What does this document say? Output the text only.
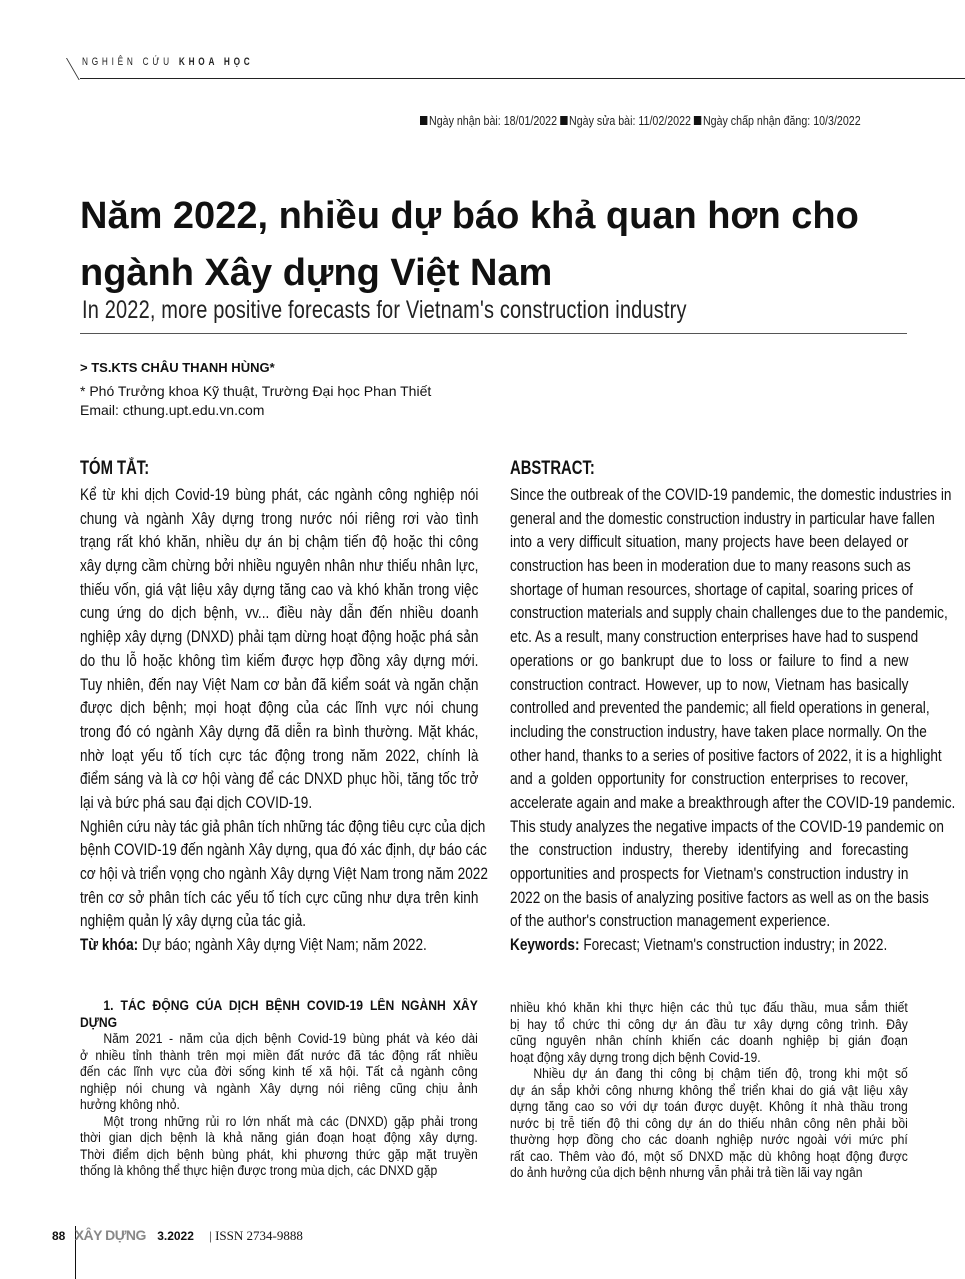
NGHIÊN CỨU KHOA HỌC
Ngày nhận bài: 18/01/2022 Ngày sửa bài: 11/02/2022 Ngày chấp nhận đăng: 10/3/2022
Năm 2022, nhiều dự báo khả quan hơn cho
ngành Xây dựng Việt Nam
In 2022, more positive forecasts for Vietnam's construction industry
> TS.KTS CHÂU THANH HÙNG*
* Phó Trưởng khoa Kỹ thuật, Trường Đại học Phan Thiết
Email: cthung.upt.edu.vn.com
TÓM TẮT:
Kể từ khi dịch Covid-19 bùng phát, các ngành công nghiệp nói
chung và ngành Xây dựng trong nước nói riêng rơi vào tình
trạng rất khó khăn, nhiều dự án bị chậm tiến độ hoặc thi công
xây dựng cầm chừng bởi nhiều nguyên nhân như thiếu nhân lực,
thiếu vốn, giá vật liệu xây dựng tăng cao và khó khăn trong việc
cung ứng do dịch bệnh, vv... điều này dẫn đến nhiều doanh
nghiệp xây dựng (DNXD) phải tạm dừng hoạt động hoặc phá sản
do thu lỗ hoặc không tìm kiếm được hợp đồng xây dựng mới.
Tuy nhiên, đến nay Việt Nam cơ bản đã kiểm soát và ngăn chặn
được dịch bệnh; mọi hoạt động của các lĩnh vực nói chung
trong đó có ngành Xây dựng đã diễn ra bình thường. Mặt khác,
nhờ loạt yếu tố tích cực tác động trong năm 2022, chính là
điểm sáng và là cơ hội vàng để các DNXD phục hồi, tăng tốc trở
lại và bức phá sau đại dịch COVID-19.
Nghiên cứu này tác giả phân tích những tác động tiêu cực của dịch
bệnh COVID-19 đến ngành Xây dựng, qua đó xác định, dự báo các
cơ hội và triển vọng cho ngành Xây dựng Việt Nam trong năm 2022
trên cơ sở phân tích các yếu tố tích cực cũng như dựa trên kinh
nghiệm quản lý xây dựng của tác giả.
Từ khóa: Dự báo; ngành Xây dựng Việt Nam; năm 2022.
ABSTRACT:
Since the outbreak of the COVID-19 pandemic, the domestic industries in
general and the domestic construction industry in particular have fallen
into a very difficult situation, many projects have been delayed or
construction has been in moderation due to many reasons such as
shortage of human resources, shortage of capital, soaring prices of
construction materials and supply chain challenges due to the pandemic,
etc. As a result, many construction enterprises have had to suspend
operations or go bankrupt due to loss or failure to find a new
construction contract. However, up to now, Vietnam has basically
controlled and prevented the pandemic; all field operations in general,
including the construction industry, have taken place normally. On the
other hand, thanks to a series of positive factors of 2022, it is a highlight
and a golden opportunity for construction enterprises to recover,
accelerate again and make a breakthrough after the COVID-19 pandemic.
This study analyzes the negative impacts of the COVID-19 pandemic on
the construction industry, thereby identifying and forecasting
opportunities and prospects for Vietnam's construction industry in
2022 on the basis of analyzing positive factors as well as on the basis
of the author's construction management experience.
Keywords: Forecast; Vietnam's construction industry; in 2022.
1. TÁC ĐỘNG CỦA DỊCH BỆNH COVID-19 LÊN NGÀNH XÂY
DỰNG
Năm 2021 - năm của dịch bệnh Covid-19 bùng phát và kéo dài
ở nhiều tỉnh thành trên mọi miền đất nước đã tác động rất nhiều
đến các lĩnh vực của đời sống kinh tế xã hội. Tất cả ngành công
nghiệp nói chung và ngành Xây dựng nói riêng cũng chịu ảnh
hưởng không nhỏ.
Một trong những rủi ro lớn nhất mà các (DNXD) gặp phải trong
thời gian dịch bệnh là khả năng gián đoạn hoạt động xây dựng.
Thời điểm dịch bệnh bùng phát, khi phương thức gặp mặt truyền
thống là không thể thực hiện được trong mùa dịch, các DNXD gặp
nhiều khó khăn khi thực hiện các thủ tục đấu thầu, mua sắm thiết
bị hay tổ chức thi công dự án đầu tư xây dựng công trình. Đây
cũng nguyên nhân chính khiến các doanh nghiệp bị gián đoạn
hoạt động xây dựng trong dịch bệnh Covid-19.
Nhiều dự án đang thi công bị chậm tiến độ, trong khi một số
dự án sắp khởi công nhưng không thể triển khai do giá vật liệu xây
dựng tăng cao so với dự toán được duyệt. Không ít nhà thầu trong
nước bị trễ tiến độ thi công dự án do thiếu nhân công nên phải bồi
thường hợp đồng cho các doanh nghiệp nước ngoài với mức phí
rất cao. Thêm vào đó, một số DNXD mặc dù không hoạt động được
do ảnh hưởng của dịch bệnh nhưng vẫn phải trả tiền lãi vay ngân
88 XÂY DỰNG 3.2022 | ISSN 2734-9888
